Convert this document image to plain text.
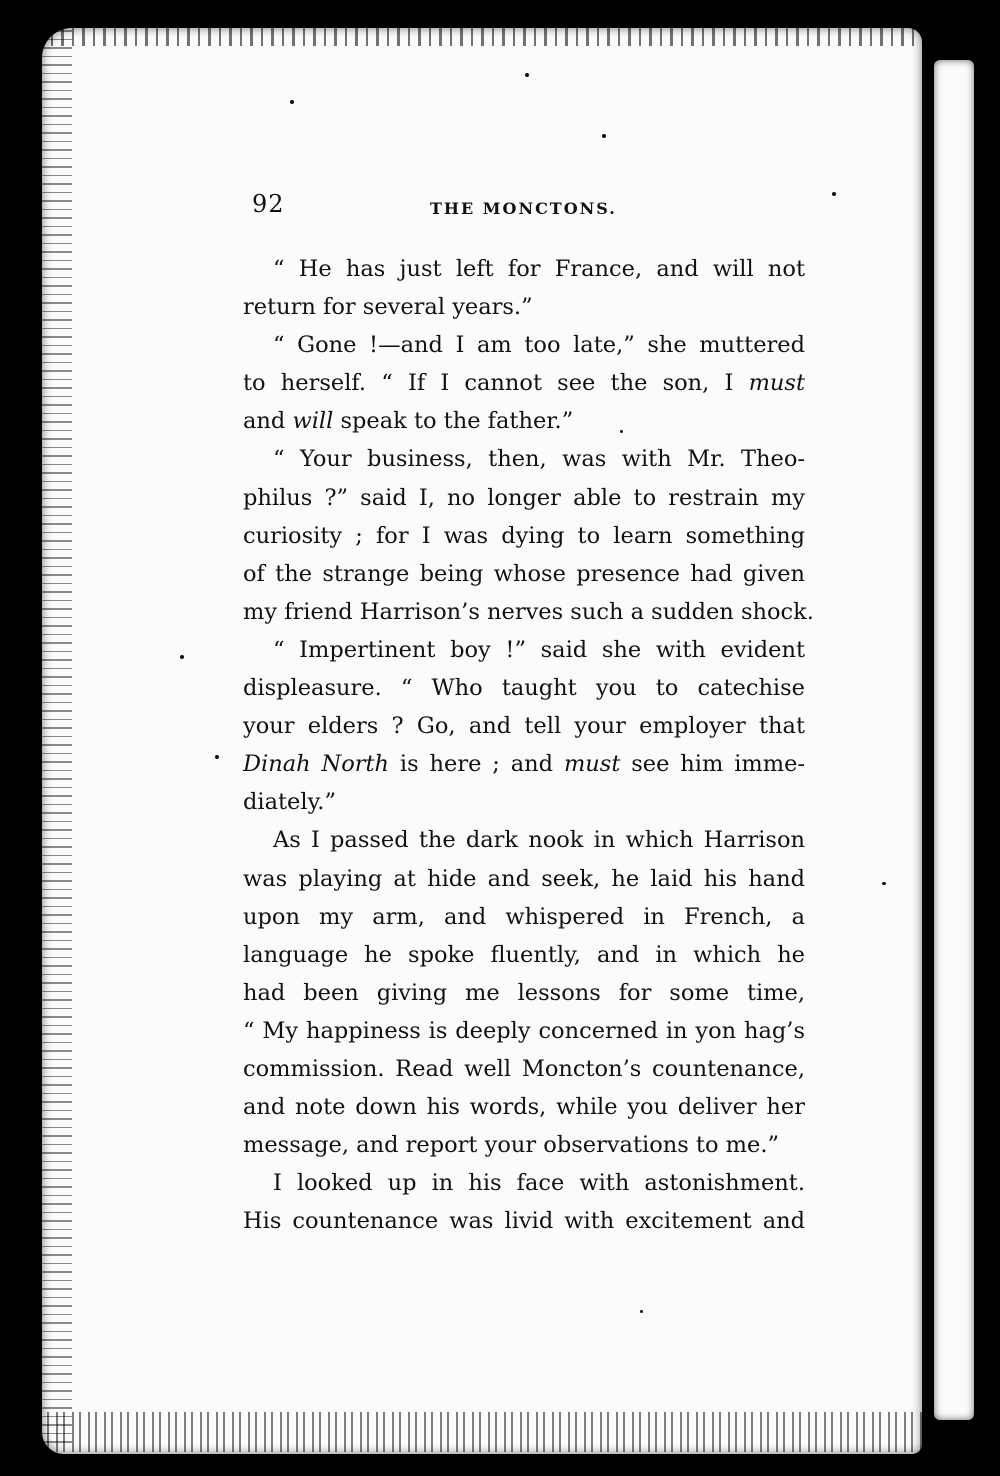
92	THE MONCTONS.
“ He has just left for France, and will not
return for several years.”
“ Gone !—and I am too late,” she muttered
to herself. “ If I cannot see the son, I must
and will speak to the father.”
“ Your business, then, was with Mr. Theo-
philus ?” said I, no longer able to restrain my
curiosity ; for I was dying to learn something
of the strange being whose presence had given
my friend Harrison’s nerves such a sudden shock.
“ Impertinent boy !” said she with evident
displeasure. “ Who taught you to catechise
your elders ? Go, and tell your employer that
Dinah North is here ; and must see him imme-
diately.”
As I passed the dark nook in which Harrison
was playing at hide and seek, he laid his hand
upon my arm, and whispered in French, a
language he spoke fluently, and in which he
had been giving me lessons for some time,
“ My happiness is deeply concerned in yon hag’s
commission. Read well Moncton’s countenance,
and note down his words, while you deliver her
message, and report your observations to me.”
I looked up in his face with astonishment.
His countenance was livid with excitement and
